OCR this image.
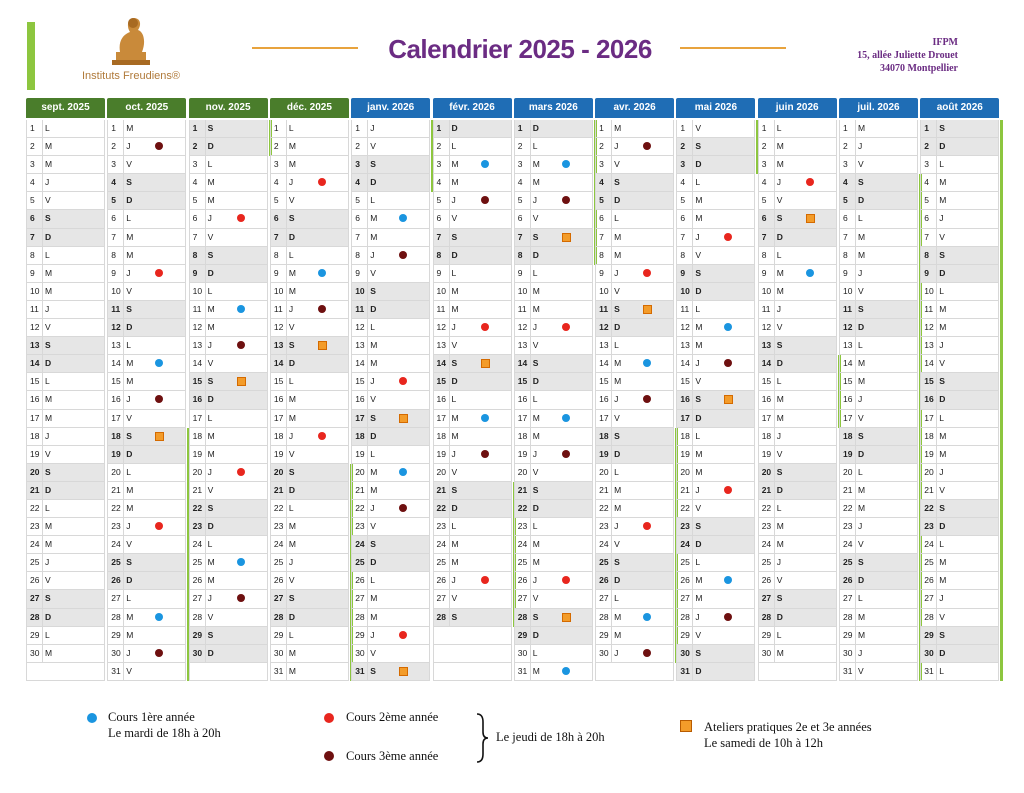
Instituts Freudiens®
Calendrier 2025 - 2026	IFPM
15, allée Juliette Drouet
34070 Montpellier
sept. 2025
1	L
2	M
3	M
4	J
5	V
6	S
7	D
8	L
9	M
10 M
11 J
12 V
13 S
14 D
15 L
16 M
17 M
18 J
19 V
20 S
21 D
22 L
23 M
24 M
25 J
26 V
27 S
28 D
29 L
30 M
oct. 2025
1	M
2	J
3	V
4	S
5	D
6	L
7	M
8	M
9	J
10 V
11 S
12 D
13 L
14 M
15 M
16 J
17 V
18 S
19 D
20 L
21 M
22 M
23 J
24 V
25 S
26 D
27 L
28 M
29 M
30 J
31 V
nov. 2025
1	S
2	D
3	L
4	M
5	M
6	J
7	V
8	S
9	D
10 L
11 M
12 M
13 J
14 V
15 S
16 D
17 L
18 M
19 M
20 J
21 V
22 S
23 D
24 L
25 M
26 M
27 J
28 V
29 S
30 D
déc. 2025
1	L
2	M
3	M
4	J
5	V
6	S
7	D
8	L
9	M
10 M
11 J
12 V
13 S
14 D
15 L
16 M
17 M
18 J
19 V
20 S
21 D
22 L
23 M
24 M
25 J
26 V
27 S
28 D
29 L
30 M
31 M
janv. 2026
1	J
2	V
3	S
4	D
5	L
6	M
7	M
8	J
9	V
10 S
11 D
12 L
13 M
14 M
15 J
16 V
17 S
18 D
19 L
20 M
21 M
22 J
23 V
24 S
25 D
26 L
27 M
28 M
29 J
30 V
31 S
févr. 2026
1	D
2	L
3	M
4	M
5	J
6	V
7	S
8	D
9	L
10 M
11 M
12 J
13 V
14 S
15 D
16 L
17 M
18 M
19 J
20 V
21 S
22 D
23 L
24 M
25 M
26 J
27 V
28 S
mars 2026
1	D
2	L
3	M
4	M
5	J
6	V
7	S
8	D
9	L
10 M
11 M
12 J
13 V
14 S
15 D
16 L
17 M
18 M
19 J
20 V
21 S
22 D
23 L
24 M
25 M
26 J
27 V
28 S
29 D
30 L
31 M
avr. 2026
1	M
2	J
3	V
4	S
5	D
6	L
7	M
8	M
9	J
10 V
11 S
12 D
13 L
14 M
15 M
16 J
17 V
18 S
19 D
20 L
21 M
22 M
23 J
24 V
25 S
26 D
27 L
28 M
29 M
30 J
mai 2026
1	V
2	S
3	D
4	L
5	M
6	M
7	J
8	V
9	S
10 D
11 L
12 M
13 M
14 J
15 V
16 S
17 D
18 L
19 M
20 M
21 J
22 V
23 S
24 D
25 L
26 M
27 M
28 J
29 V
30 S
31 D
juin 2026
1	L
2	M
3	M
4	J
5	V
6	S
7	D
8	L
9	M
10 M
11 J
12 V
13 S
14 D
15 L
16 M
17 M
18 J
19 V
20 S
21 D
22 L
23 M
24 M
25 J
26 V
27 S
28 D
29 L
30 M
juil. 2026
1	M
2	J
3	V
4	S
5	D
6	L
7	M
8	M
9	J
10 V
11 S
12 D
13 L
14 M
15 M
16 J
17 V
18 S
19 D
20 L
21 M
22 M
23 J
24 V
25 S
26 D
27 L
28 M
29 M
30 J
31 V
août 2026
1	S
2	D
3	L
4	M
5	M
6	J
7	V
8	S
9	D
10 L
11 M
12 M
13 J
14 V
15 S
16 D
17 L
18 M
19 M
20 J
21 V
22 S
23 D
24 L
25 M
26 M
27 J
28 V
29 S
30 D
31 L
Cours 1ère année
Le mardi de 18h à 20h
Cours 2ème année
Cours 3ème année
Le jeudi de 18h à 20h
Ateliers pratiques 2e et 3e années
Le samedi de 10h à 12h
